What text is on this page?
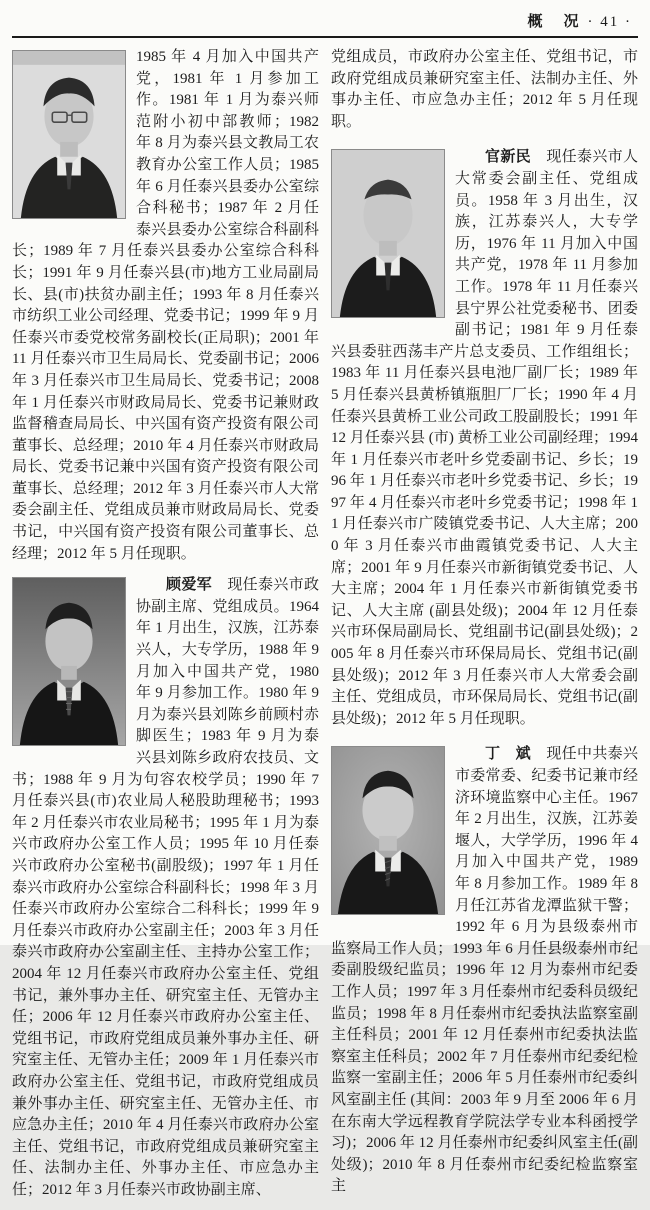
概　况 · 41 ·
1985 年 4 月加入中国共产党，1981 年 1 月参加工作。1981 年 1 月为泰兴师范附小初中部教师；1982 年 8 月为泰兴县文教局工农教育办公室工作人员；1985 年 6 月任泰兴县委办公室综合科秘书；1987 年 2 月任泰兴县委办公室综合科副科长；1989 年 7 月任泰兴县委办公室综合科科长；1991 年 9 月任泰兴县(市)地方工业局副局长、县(市)扶贫办副主任；1993 年 8 月任泰兴市纺织工业公司经理、党委书记；1999 年 9 月任泰兴市委党校常务副校长(正局职)；2001 年 11 月任泰兴市卫生局局长、党委副书记；2006 年 3 月任泰兴市卫生局局长、党委书记；2008 年 1 月任泰兴市财政局局长、党委书记兼财政监督稽查局局长、中兴国有资产投资有限公司董事长、总经理；2010 年 4 月任泰兴市财政局局长、党委书记兼中兴国有资产投资有限公司董事长、总经理；2012 年 3 月任泰兴市人大常委会副主任、党组成员兼市财政局局长、党委书记，中兴国有资产投资有限公司董事长、总经理；2012 年 5 月任现职。
顾爱军　现任泰兴市政协副主席、党组成员。1964 年 1 月出生，汉族，江苏泰兴人，大专学历，1988 年 9 月加入中国共产党，1980 年 9 月参加工作。1980 年 9 月为泰兴县刘陈乡前顾村赤脚医生；1983 年 9 月为泰兴县刘陈乡政府农技员、文书；1988 年 9 月为句容农校学员；1990 年 7 月任泰兴县(市)农业局人秘股助理秘书；1993 年 2 月任泰兴市农业局秘书；1995 年 1 月为泰兴市政府办公室工作人员；1995 年 10 月任泰兴市政府办公室秘书(副股级)；1997 年 1 月任泰兴市政府办公室综合科副科长；1998 年 3 月任泰兴市政府办公室综合二科科长；1999 年 9 月任泰兴市政府办公室副主任；2003 年 3 月任泰兴市政府办公室副主任、主持办公室工作；2004 年 12 月任泰兴市政府办公室主任、党组书记，兼外事办主任、研究室主任、无管办主任；2006 年 12 月任泰兴市政府办公室主任、党组书记，市政府党组成员兼外事办主任、研究室主任、无管办主任；2009 年 1 月任泰兴市政府办公室主任、党组书记，市政府党组成员兼外事办主任、研究室主任、无管办主任、市应急办主任；2010 年 4 月任泰兴市政府办公室主任、党组书记，市政府党组成员兼研究室主任、法制办主任、外事办主任、市应急办主任；2012 年 3 月任泰兴市政协副主席、
党组成员，市政府办公室主任、党组书记，市政府党组成员兼研究室主任、法制办主任、外事办主任、市应急办主任；2012 年 5 月任现职。
官新民　现任泰兴市人大常委会副主任、党组成员。1958 年 3 月出生，汉族，江苏泰兴人，大专学历，1976 年 11 月加入中国共产党，1978 年 11 月参加工作。1978 年 11 月任泰兴县宁界公社党委秘书、团委副书记；1981 年 9 月任泰兴县委驻西荡丰产片总支委员、工作组组长；1983 年 11 月任泰兴县电池厂副厂长；1989 年 5 月任泰兴县黄桥镇瓶胆厂厂长；1990 年 4 月任泰兴县黄桥工业公司政工股副股长；1991 年 12 月任泰兴县 (市) 黄桥工业公司副经理；1994 年 1 月任泰兴市老叶乡党委副书记、乡长；1996 年 1 月任泰兴市老叶乡党委书记、乡长；1997 年 4 月任泰兴市老叶乡党委书记；1998 年 11 月任泰兴市广陵镇党委书记、人大主席；2000 年 3 月任泰兴市曲霞镇党委书记、人大主席；2001 年 9 月任泰兴市新街镇党委书记、人大主席；2004 年 1 月任泰兴市新街镇党委书记、人大主席 (副县处级)；2004 年 12 月任泰兴市环保局副局长、党组副书记(副县处级)；2005 年 8 月任泰兴市环保局局长、党组书记(副县处级)；2012 年 3 月任泰兴市人大常委会副主任、党组成员，市环保局局长、党组书记(副县处级)；2012 年 5 月任现职。
丁　斌　现任中共泰兴市委常委、纪委书记兼市经济环境监察中心主任。1967 年 2 月出生，汉族，江苏姜堰人，大学学历，1996 年 4 月加入中国共产党，1989 年 8 月参加工作。1989 年 8 月任江苏省龙潭监狱干警；1992 年 6 月为县级泰州市监察局工作人员；1993 年 6 月任县级泰州市纪委副股级纪监员；1996 年 12 月为泰州市纪委工作人员；1997 年 3 月任泰州市纪委科员级纪监员；1998 年 8 月任泰州市纪委执法监察室副主任科员；2001 年 12 月任泰州市纪委执法监察室主任科员；2002 年 7 月任泰州市纪委纪检监察一室副主任；2006 年 5 月任泰州市纪委纠风室副主任 (其间：2003 年 9 月至 2006 年 6 月在东南大学远程教育学院法学专业本科函授学习)；2006 年 12 月任泰州市纪委纠风室主任(副处级)；2010 年 8 月任泰州市纪委纪检监察室主
